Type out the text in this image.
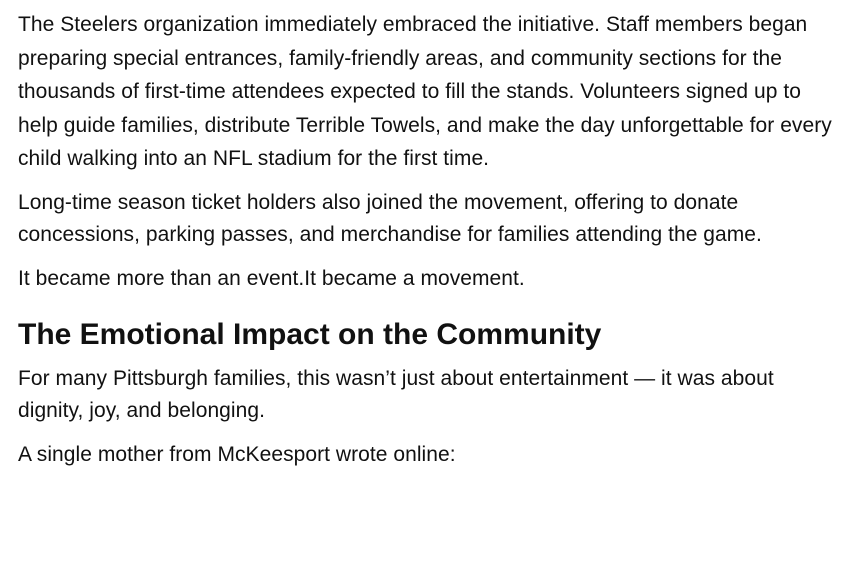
The Steelers organization immediately embraced the initiative. Staff members began preparing special entrances, family-friendly areas, and community sections for the thousands of first-time attendees expected to fill the stands. Volunteers signed up to help guide families, distribute Terrible Towels, and make the day unforgettable for every child walking into an NFL stadium for the first time.

Long-time season ticket holders also joined the movement, offering to donate concessions, parking passes, and merchandise for families attending the game.

It became more than an event.It became a movement.

The Emotional Impact on the Community

For many Pittsburgh families, this wasn’t just about entertainment — it was about dignity, joy, and belonging.

A single mother from McKeesport wrote online:
